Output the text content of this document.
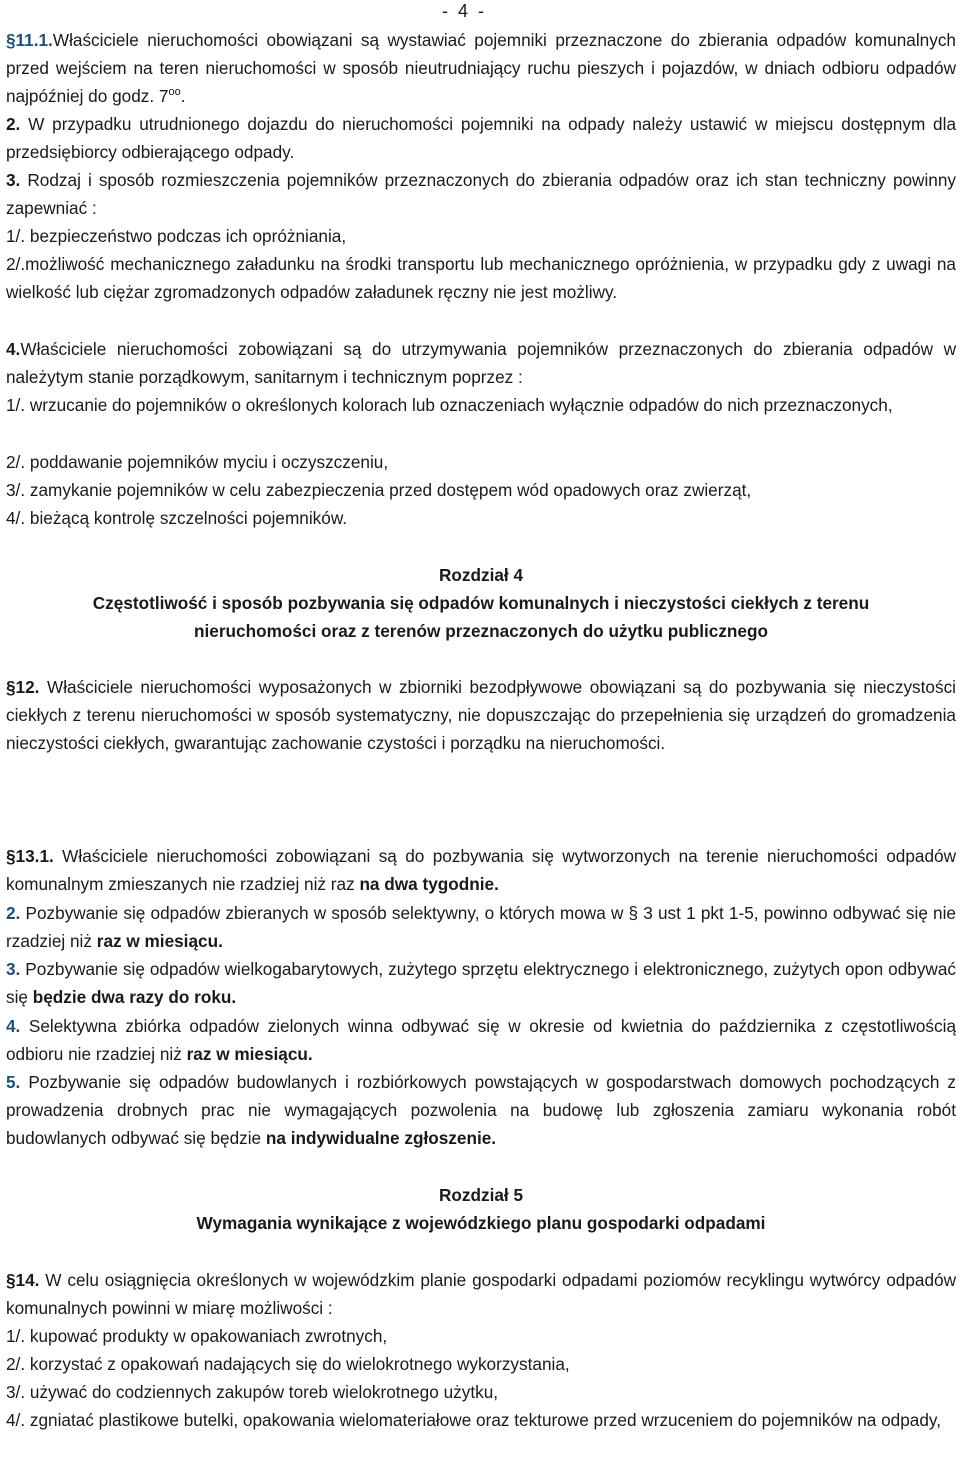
-  4  -

§11.1.Właściciele nieruchomości obowiązani są wystawiać pojemniki przeznaczone do zbierania odpadów komunalnych przed wejściem na teren nieruchomości w sposób nieutrudniający ruchu pieszych i pojazdów, w dniach odbioru odpadów najpóźniej do godz. $7^{oo}$.

2. W przypadku utrudnionego dojazdu do nieruchomości pojemniki na odpady należy ustawić w miejscu dostępnym dla przedsiębiorcy odbierającego odpady.

3. Rodzaj i sposób rozmieszczenia pojemników przeznaczonych do zbierania odpadów oraz ich stan techniczny powinny zapewniać :

1/. bezpieczeństwo podczas ich opróżniania,

2/.możliwość mechanicznego załadunku na środki transportu lub mechanicznego opróżnienia, w przypadku gdy z uwagi na wielkość lub ciężar zgromadzonych odpadów załadunek ręczny nie jest możliwy.

4.Właściciele nieruchomości zobowiązani są do utrzymywania pojemników przeznaczonych do zbierania odpadów w należytym stanie porządkowym, sanitarnym i technicznym poprzez :

1/. wrzucanie do pojemników o określonych kolorach lub oznaczeniach wyłącznie odpadów do nich przeznaczonych,

2/. poddawanie pojemników myciu i oczyszczeniu,

3/. zamykanie pojemników w celu zabezpieczenia przed dostępem wód opadowych oraz zwierząt,

4/. bieżącą kontrolę szczelności pojemników.

Rozdział 4
Częstotliwość i sposób pozbywania się odpadów komunalnych i nieczystości ciekłych z terenu
nieruchomości oraz z terenów przeznaczonych do użytku publicznego

§12. Właściciele nieruchomości wyposażonych w zbiorniki bezodpływowe obowiązani są do pozbywania się nieczystości ciekłych z terenu nieruchomości w sposób systematyczny, nie dopuszczając do przepełnienia się urządzeń do gromadzenia nieczystości ciekłych, gwarantując zachowanie czystości i porządku na nieruchomości.

§13.1. Właściciele nieruchomości zobowiązani są do pozbywania się wytworzonych na terenie nieruchomości odpadów komunalnym zmieszanych nie rzadziej niż raz na dwa tygodnie.

2. Pozbywanie się odpadów zbieranych w sposób selektywny, o których mowa w § 3 ust 1 pkt 1-5, powinno odbywać się nie rzadziej niż raz w miesiącu.

3. Pozbywanie się odpadów wielkogabarytowych, zużytego sprzętu elektrycznego i elektronicznego, zużytych opon odbywać się będzie dwa razy do roku.

4. Selektywna zbiórka odpadów zielonych winna odbywać się w okresie od kwietnia do października z częstotliwością odbioru nie rzadziej niż raz w miesiącu.

5. Pozbywanie się odpadów budowlanych i rozbiórkowych powstających w gospodarstwach domowych pochodzących z prowadzenia drobnych prac nie wymagających pozwolenia na budowę lub zgłoszenia zamiaru wykonania robót budowlanych odbywać się będzie na indywidualne zgłoszenie.

Rozdział 5
Wymagania wynikające z wojewódzkiego planu gospodarki odpadami

§14. W celu osiągnięcia określonych w wojewódzkim planie gospodarki odpadami poziomów recyklingu wytwórcy odpadów komunalnych powinni w miarę możliwości :

1/. kupować produkty w opakowaniach zwrotnych,

2/. korzystać z opakowań nadających się do wielokrotnego wykorzystania,

3/. używać do codziennych zakupów toreb wielokrotnego użytku,

4/. zgniatać plastikowe butelki, opakowania wielomateriałowe oraz tekturowe przed wrzuceniem do pojemników na odpady,
